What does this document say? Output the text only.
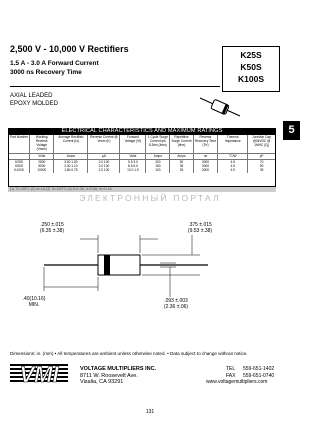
2,500 V - 10,000 V Rectifiers
1.5 A - 3.0 A Forward Current
3000 ns Recovery Time
K25S
K50S
K100S
AXIAL LEADED
EPOXY MOLDED
5
ELECTRICAL CHARACTERISTICS AND MAXIMUM RATINGS
Part Number	Working Reverse Voltage (Vrwm)	Average Rectified Current (Io)	Reverse Current @ Vrwm (Ir)	Forward Voltage (Vf)	1 Cycle Surge Current Ipk 8.3ms (Ifsm)	Repetitive Surge Current (Ifrm)	Reverse Recovery Time (Trr)	Thermal Impedance	Junction Cap @5kVDC @ 1MHZ (Cj)
	Volts	Amps	µA	Volts	Amps	Amps	ns	°C/W	pF
K25S	2500	3.00 1.50	2.0 100	5.5 3.0	200	50	3000	4.5	70
K50S	5000	2.00 1.10	2.0 100	8.5 5.0	150	35	3000	4.5	50
K100S	10000	1.80 0.75	2.0 100	13.0 1.5	100	25	3000	4.5	35
(1) TC=55°C (2) Io=1A (3) Tc=100°C (4) If=1.0A, Ir=0.5A, Irr=0.1A
ЭЛЕКТРОННЫЙ ПОРТАЛ
.250 ±.015
(6.35 ±.38)
.375 ±.015
(9.53 ±.38)
.40(10.16)
MIN.
.093 ±.003
(2.36 ±.06)
Dimensions: in. (mm) • All temperatures are ambient unless otherwise noted. • Data subject to change without notice.
VMI	VOLTAGE MULTIPLIERS INC.
8711 W. Roosevelt Ave.
Visalia, CA 93291
TEL 559-651-1402
FAX 559-651-0740
www.voltagemultipliers.com
131
